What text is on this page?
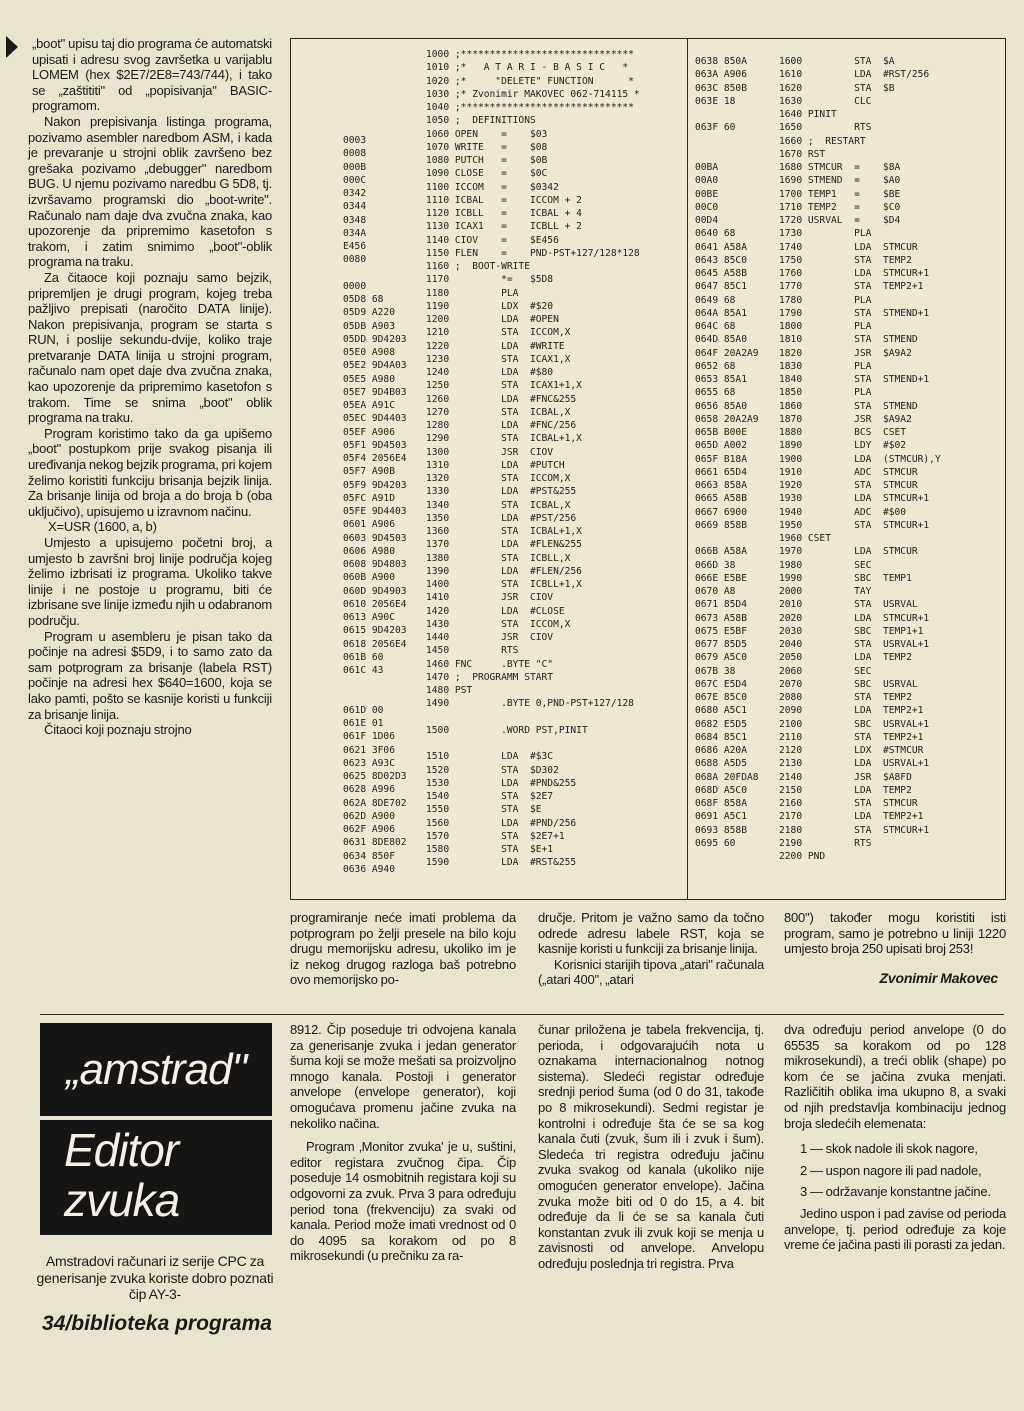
„boot" upisu taj dio programa će automatski upisati i adresu svog završetka u varijablu LOMEM (hex $2E7/2E8=743/744), i tako se „zaštititi" od „popisivanja" BASIC-programom.

Nakon prepisivanja listinga programa, pozivamo asembler naredbom ASM, i kada je prevaranje u strojni oblik završeno bez grešaka pozivamo „debugger" naredbom BUG. U njemu pozivamo naredbu G 5D8, tj. izvršavamo programski dio „boot-write". Računalo nam daje dva zvučna znaka, kao upozorenje da pripremimo kasetofon s trakom, i zatim snimimo „boot"-oblik programa na traku.

Za čitaoce koji poznaju samo bejzik, pripremljen je drugi program, kojeg treba pažljivo prepisati (naročito DATA linije). Nakon prepisivanja, program se starta s RUN, i poslije sekundu-dvije, koliko traje pretvaranje DATA linija u strojni program, računalo nam opet daje dva zvučna znaka, kao upozorenje da pripremimo kasetofon s trakom. Time se snima „boot" oblik programa na traku.

Program koristimo tako da ga upišemo „boot" postupkom prije svakog pisanja ili uređivanja nekog bejzik programa, pri kojem želimo koristiti funkciju brisanja bejzik linija. Za brisanje linija od broja a do broja b (oba uključivo), upisujemo u izravnom načinu.

X=USR (1600, a, b)

Umjesto a upisujemo početni broj, a umjesto b završni broj linije područja kojeg želimo izbrisati iz programa. Ukoliko takve linije i ne postoje u programu, biti će izbrisane sve linije između njih u odabranom području.

Program u asembleru je pisan tako da počinje na adresi $5D9, i to samo zato da sam potprogram za brisanje (labela RST) počinje na adresi hex $640=1600, koja se lako pamti, pošto se kasnije koristi u funkciji za brisanje linija.

Čitaoci koji poznaju strojno

0003
0008
000B
000C
0342
0344
0348
034A
E456
0080

0000
05D8 68
05D9 A220
05DB A903
05DD 9D4203
05E0 A908
05E2 9D4A03
05E5 A980
05E7 9D4B03
05EA A91C
05EC 9D4403
05EF A906
05F1 9D4503
05F4 2056E4
05F7 A90B
05F9 9D4203
05FC A91D
05FE 9D4403
0601 A906
0603 9D4503
0606 A980
0608 9D4803
060B A900
060D 9D4903
0610 2056E4
0613 A90C
0615 9D4203
0618 2056E4
061B 60
061C 43

061D 00
061E 01
061F 1D06
0621 3F06
0623 A93C
0625 8D02D3
0628 A996
062A 8DE702
062D A900
062F A906
0631 8DE802
0634 850F
0636 A940
1000 ;******************************
1010 ;*   A T A R I - B A S I C   *
1020 ;*     "DELETE" FUNCTION      *
1030 ;* Zvonimir MAKOVEC 062-714115 *
1040 ;******************************
1050 ;  DEFINITIONS
1060 OPEN    =    $03
1070 WRITE   =    $08
1080 PUTCH   =    $0B
1090 CLOSE   =    $0C
1100 ICCOM   =    $0342
1110 ICBAL   =    ICCOM + 2
1120 ICBLL   =    ICBAL + 4
1130 ICAX1   =    ICBLL + 2
1140 CIOV    =    $E456
1150 FLEN    =    PND-PST+127/128*128
1160 ;  BOOT-WRITE
1170         *=   $5D8
1180         PLA
1190         LDX  #$20
1200         LDA  #OPEN
1210         STA  ICCOM,X
1220         LDA  #WRITE
1230         STA  ICAX1,X
1240         LDA  #$80
1250         STA  ICAX1+1,X
1260         LDA  #FNC&255
1270         STA  ICBAL,X
1280         LDA  #FNC/256
1290         STA  ICBAL+1,X
1300         JSR  CIOV
1310         LDA  #PUTCH
1320         STA  ICCOM,X
1330         LDA  #PST&255
1340         STA  ICBAL,X
1350         LDA  #PST/256
1360         STA  ICBAL+1,X
1370         LDA  #FLEN&255
1380         STA  ICBLL,X
1390         LDA  #FLEN/256
1400         STA  ICBLL+1,X
1410         JSR  CIOV
1420         LDA  #CLOSE
1430         STA  ICCOM,X
1440         JSR  CIOV
1450         RTS
1460 FNC     .BYTE "C"
1470 ;  PROGRAMM START
1480 PST
1490         .BYTE 0,PND-PST+127/128

1500         .WORD PST,PINIT

1510         LDA  #$3C
1520         STA  $D302
1530         LDA  #PND&255
1540         STA  $2E7
1550         STA  $E
1560         LDA  #PND/256
1570         STA  $2E7+1
1580         STA  $E+1
1590         LDA  #RST&255
0638 850A
063A A906
063C 850B
063E 18

063F 60

00BA
00A0
00BE
00C0
00D4
0640 68
0641 A58A
0643 85C0
0645 A58B
0647 85C1
0649 68
064A 85A1
064C 68
064D 85A0
064F 20A2A9
0652 68
0653 85A1
0655 68
0656 85A0
0658 20A2A9
065B B00E
065D A002
065F B18A
0661 65D4
0663 858A
0665 A58B
0667 6900
0669 858B

066B A58A
066D 38
066E E5BE
0670 A8
0671 85D4
0673 A58B
0675 E5BF
0677 85D5
0679 A5C0
067B 38
067C E5D4
067E 85C0
0680 A5C1
0682 E5D5
0684 85C1
0686 A20A
0688 A5D5
068A 20FDA8
068D A5C0
068F 858A
0691 A5C1
0693 858B
0695 60
1600         STA  $A
1610         LDA  #RST/256
1620         STA  $B
1630         CLC
1640 PINIT
1650         RTS
1660 ;  RESTART
1670 RST
1680 STMCUR  =    $8A
1690 STMEND  =    $A0
1700 TEMP1   =    $BE
1710 TEMP2   =    $C0
1720 USRVAL  =    $D4
1730         PLA
1740         LDA  STMCUR
1750         STA  TEMP2
1760         LDA  STMCUR+1
1770         STA  TEMP2+1
1780         PLA
1790         STA  STMEND+1
1800         PLA
1810         STA  STMEND
1820         JSR  $A9A2
1830         PLA
1840         STA  STMEND+1
1850         PLA
1860         STA  STMEND
1870         JSR  $A9A2
1880         BCS  CSET
1890         LDY  #$02
1900         LDA  (STMCUR),Y
1910         ADC  STMCUR
1920         STA  STMCUR
1930         LDA  STMCUR+1
1940         ADC  #$00
1950         STA  STMCUR+1
1960 CSET
1970         LDA  STMCUR
1980         SEC
1990         SBC  TEMP1
2000         TAY
2010         STA  USRVAL
2020         LDA  STMCUR+1
2030         SBC  TEMP1+1
2040         STA  USRVAL+1
2050         LDA  TEMP2
2060         SEC
2070         SBC  USRVAL
2080         STA  TEMP2
2090         LDA  TEMP2+1
2100         SBC  USRVAL+1
2110         STA  TEMP2+1
2120         LDX  #STMCUR
2130         LDA  USRVAL+1
2140         JSR  $A8FD
2150         LDA  TEMP2
2160         STA  STMCUR
2170         LDA  TEMP2+1
2180         STA  STMCUR+1
2190         RTS
2200 PND

programiranje neće imati problema da potprogram po želji presele na bilo koju drugu memorijsku adresu, ukoliko im je iz nekog drugog razloga baš potrebno ovo memorijsko po-

dručje. Pritom je važno samo da točno odrede adresu labele RST, koja se kasnije koristi u funkciji za brisanje linija.

Korisnici starijih tipova „atari" računala („atari 400", „atari

800") također mogu koristiti isti program, samo je potrebno u liniji 1220 umjesto broja 250 upisati broj 253!

Zvonimir Makovec

„amstrad"
Editor
zvuka

Amstradovi računari iz serije CPC za generisanje zvuka koriste dobro poznati čip AY-3-

34/biblioteka programa

8912. Čip poseduje tri odvojena kanala za generisanje zvuka i jedan generator šuma koji se može mešati sa proizvoljno mnogo kanala. Postoji i generator anvelope (envelope generator), koji omogućava promenu jačine zvuka na nekoliko načina.

Program ‚Monitor zvuka' je u, suštini, editor registara zvučnog čipa. Čip poseduje 14 osmobitnih registara koji su odgovorni za zvuk. Prva 3 para određuju period tona (frekvenciju) za svaki od kanala. Period može imati vrednost od 0 do 4095 sa korakom od po 8 mikrosekundi (u prečniku za ra-

čunar priložena je tabela frekvencija, tj. perioda, i odgovarajućih nota u oznakama internacionalnog notnog sistema). Sledeći registar određuje srednji period šuma (od 0 do 31, takođe po 8 mikrosekundi). Sedmi registar je kontrolni i određuje šta će se sa kog kanala čuti (zvuk, šum ili i zvuk i šum). Sledeća tri registra određuju jačinu zvuka svakog od kanala (ukoliko nije omogućen generator envelope). Jačina zvuka može biti od 0 do 15, a 4. bit određuje da li će se sa kanala čuti konstantan zvuk ili zvuk koji se menja u zavisnosti od anvelope. Anvelopu određuju poslednja tri registra. Prva

dva određuju period anvelope (0 do 65535 sa korakom od po 128 mikrosekundi), a treći oblik (shape) po kom će se jačina zvuka menjati. Različitih oblika ima ukupno 8, a svaki od njih predstavlja kombinaciju jednog broja sledećih elemenata:

1 — skok nadole ili skok nagore,

2 — uspon nagore ili pad nadole,

3 — održavanje konstantne jačine.

Jedino uspon i pad zavise od perioda anvelope, tj. period određuje za koje vreme će jačina pasti ili porasti za jedan.
